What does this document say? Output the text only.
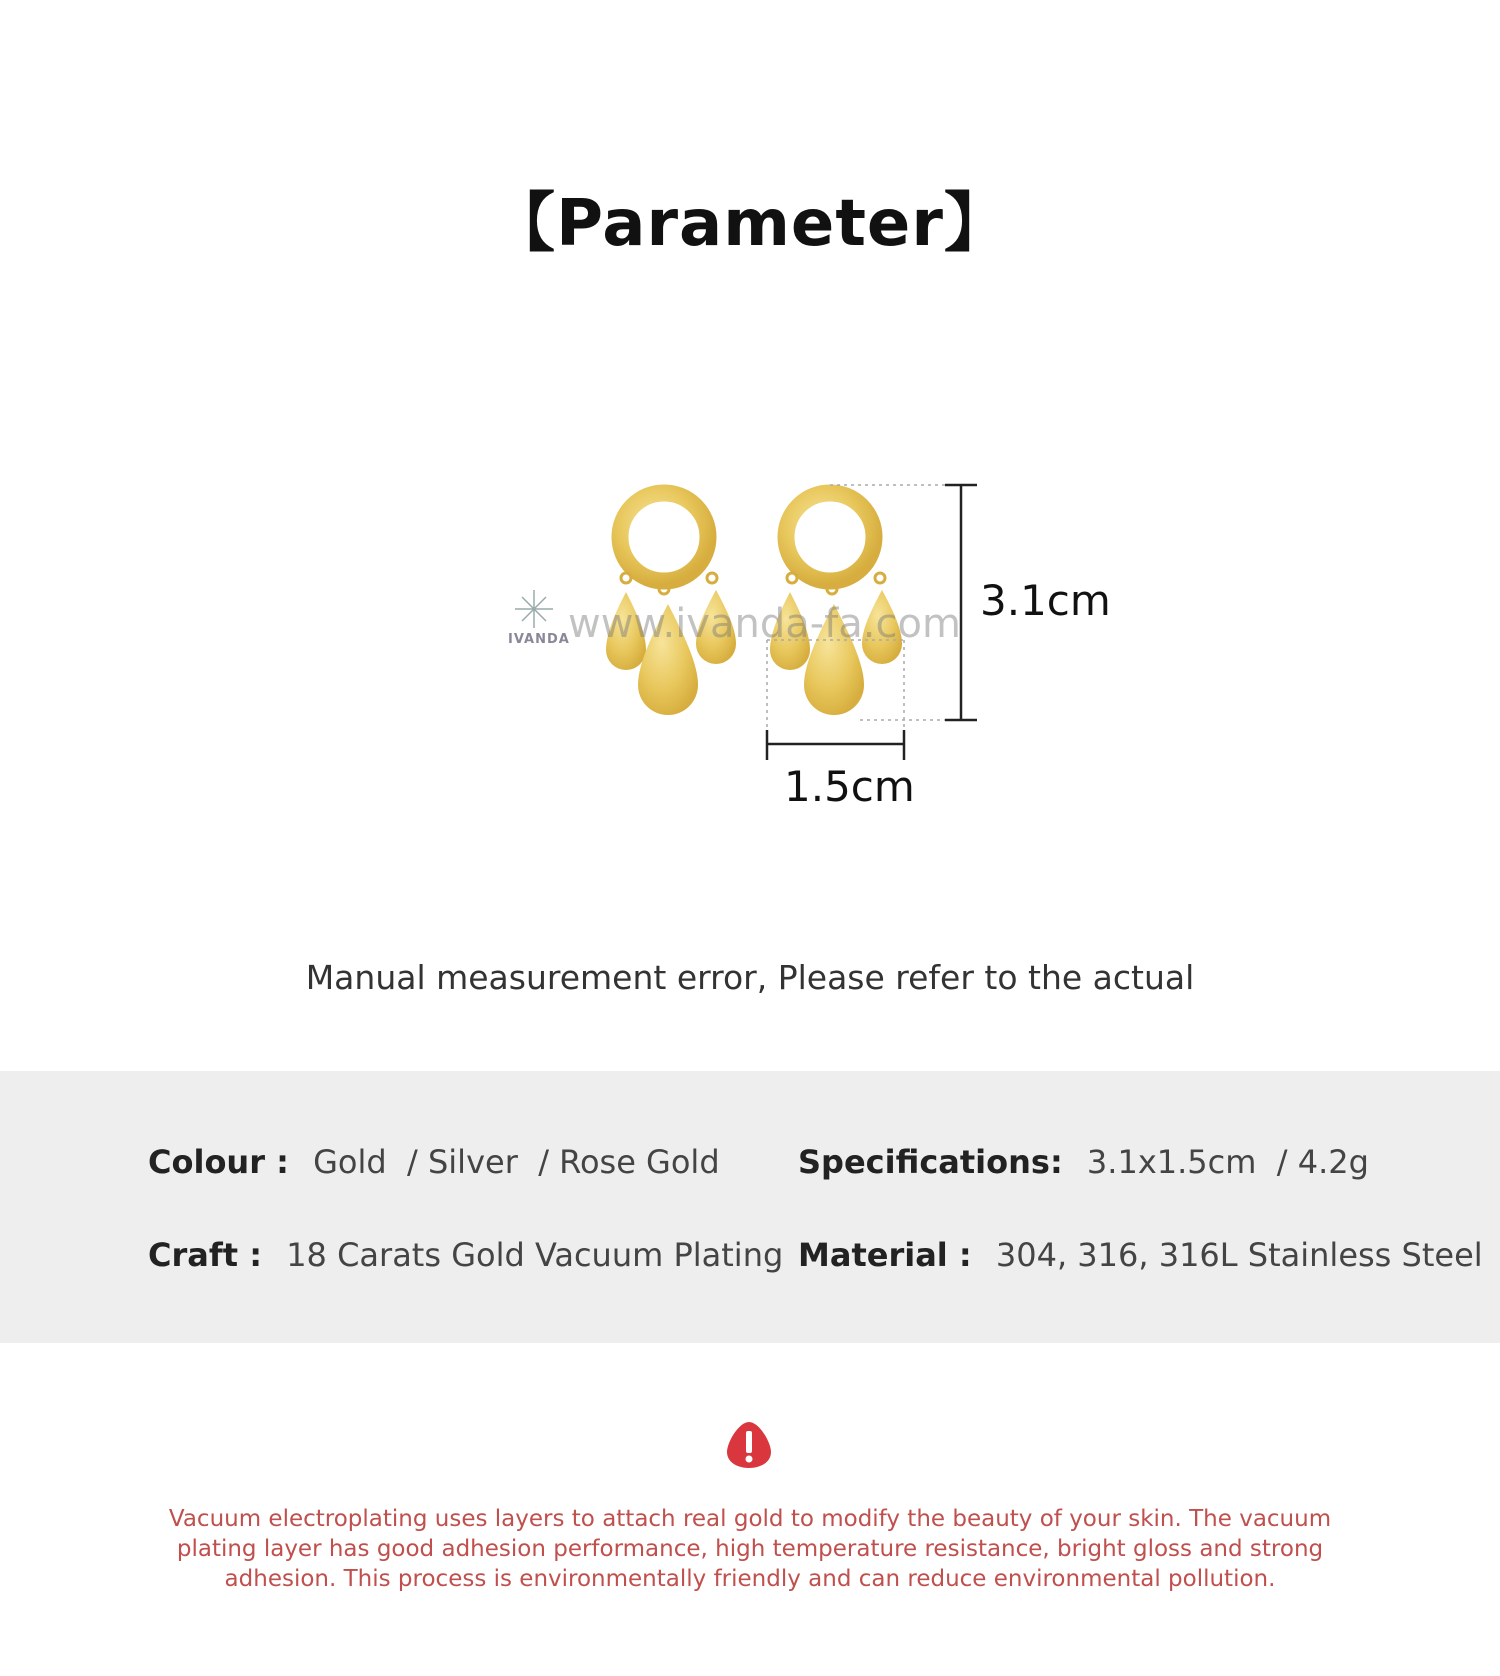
【Parameter】
IVANDA
www.ivanda-fa.com 3.1cm
1.5cm
Manual measurement error, Please refer to the actual
Colour : Gold  / Silver  / Rose Gold Specifications: 3.1x1.5cm  / 4.2g
Craft : 18 Carats Gold Vacuum Plating Material : 304, 316, 316L Stainless Steel
Vacuum electroplating uses layers to attach real gold to modify the beauty of your skin. The vacuum plating layer has good adhesion performance, high temperature resistance, bright gloss and strong adhesion. This process is environmentally friendly and can reduce environmental pollution.
